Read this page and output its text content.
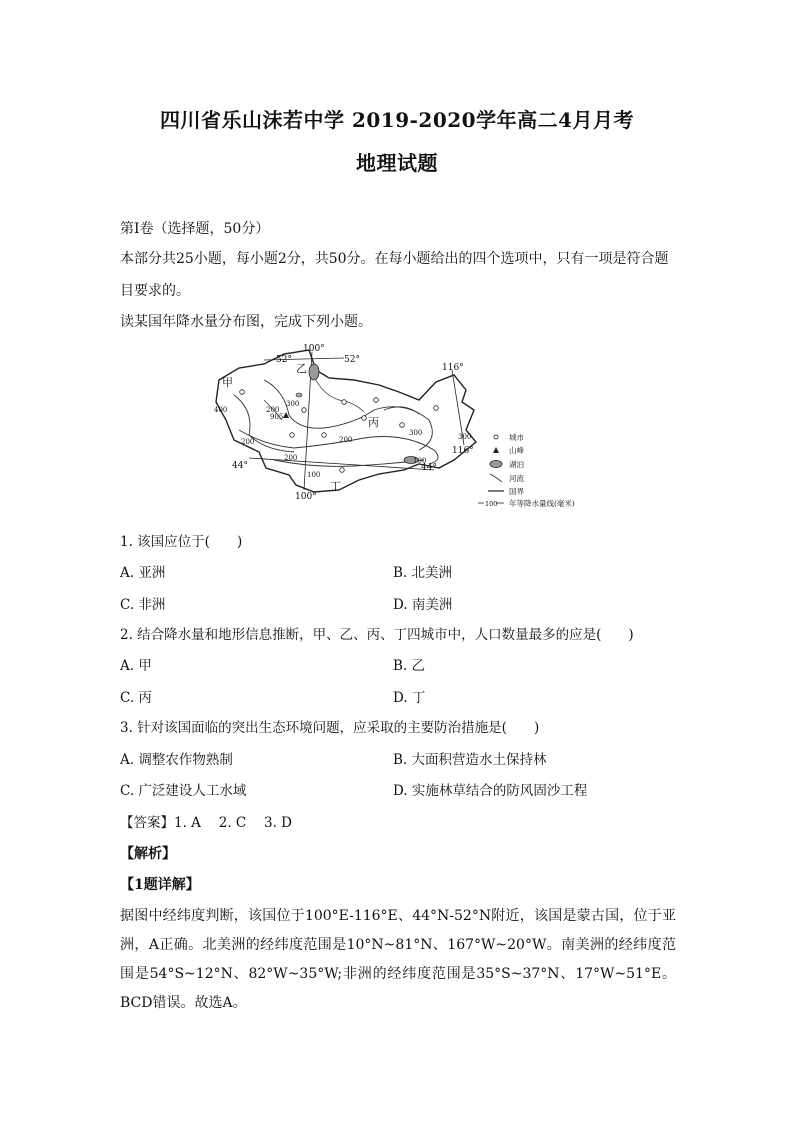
四川省乐山沫若中学 2019-2020学年高二4月月考
地理试题
第Ⅰ卷（选择题，50分）
本部分共25小题，每小题2分，共50分。在每小题给出的四个选项中，只有一项是符合题
目要求的。
读某国年降水量分布图，完成下列小题。
100°
52°	52°
116°
116°
44°	44°
100°
905
300
300	300
400
200
200
200
200
100
100
甲
乙
丙
丁
城市
山峰
湖泊
河流
国界
100 年等降水量线(毫米)
1. 该国应位于(　　)
A. 亚洲	B. 北美洲
C. 非洲	D. 南美洲
2. 结合降水量和地形信息推断，甲、乙、丙、丁四城市中，人口数量最多的应是(　　)
A. 甲	B. 乙
C. 丙	D. 丁
3. 针对该国面临的突出生态环境问题，应采取的主要防治措施是(　　)
A. 调整农作物熟制	B. 大面积营造水土保持林
C. 广泛建设人工水域	D. 实施林草结合的防风固沙工程
【答案】1. A　 2. C　 3. D
【解析】
【1题详解】
据图中经纬度判断，该国位于100°E-116°E、44°N-52°N附近，该国是蒙古国，位于亚洲，A正确。北美洲的经纬度范围是10°N~81°N、167°W~20°W。南美洲的经纬度范围是54°S~12°N、82°W~35°W;非洲的经纬度范围是35°S~37°N、17°W~51°E。BCD错误。故选A。
